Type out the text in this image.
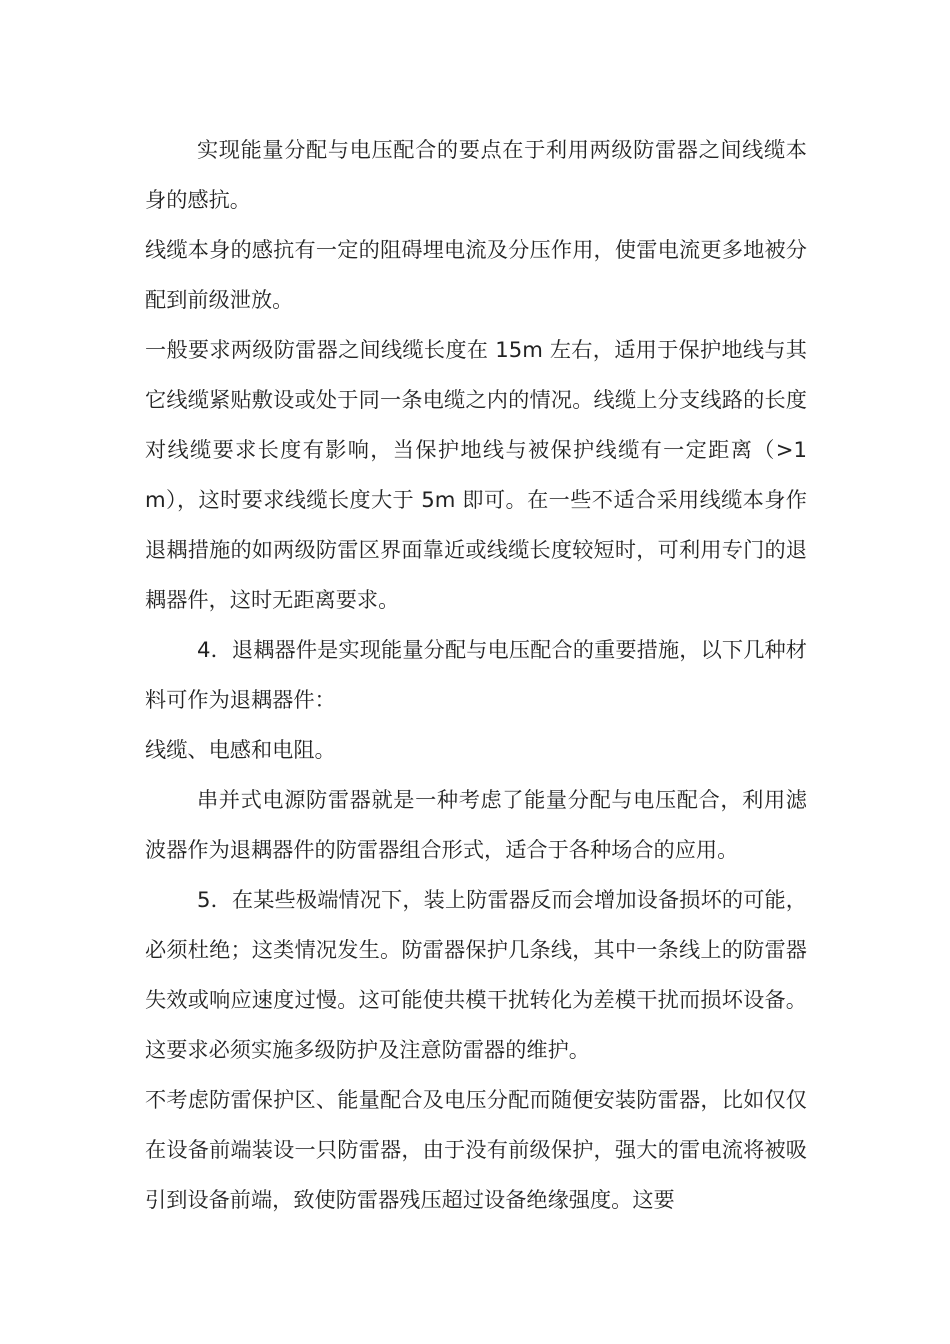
实现能量分配与电压配合的要点在于利用两级防雷器之间线缆本身的感抗。

线缆本身的感抗有一定的阻碍埋电流及分压作用，使雷电流更多地被分配到前级泄放。

一般要求两级防雷器之间线缆长度在 15m 左右，适用于保护地线与其它线缆紧贴敷设或处于同一条电缆之内的情况。线缆上分支线路的长度对线缆要求长度有影响，当保护地线与被保护线缆有一定距离（>1m），这时要求线缆长度大于 5m 即可。在一些不适合采用线缆本身作退耦措施的如两级防雷区界面靠近或线缆长度较短时，可利用专门的退耦器件，这时无距离要求。

4．退耦器件是实现能量分配与电压配合的重要措施，以下几种材料可作为退耦器件：

线缆、电感和电阻。

串并式电源防雷器就是一种考虑了能量分配与电压配合，利用滤波器作为退耦器件的防雷器组合形式，适合于各种场合的应用。

5．在某些极端情况下，装上防雷器反而会增加设备损坏的可能，必须杜绝；这类情况发生。防雷器保护几条线，其中一条线上的防雷器失效或响应速度过慢。这可能使共模干扰转化为差模干扰而损坏设备。这要求必须实施多级防护及注意防雷器的维护。

不考虑防雷保护区、能量配合及电压分配而随便安装防雷器，比如仅仅在设备前端装设一只防雷器，由于没有前级保护，强大的雷电流将被吸引到设备前端，致使防雷器残压超过设备绝缘强度。这要
